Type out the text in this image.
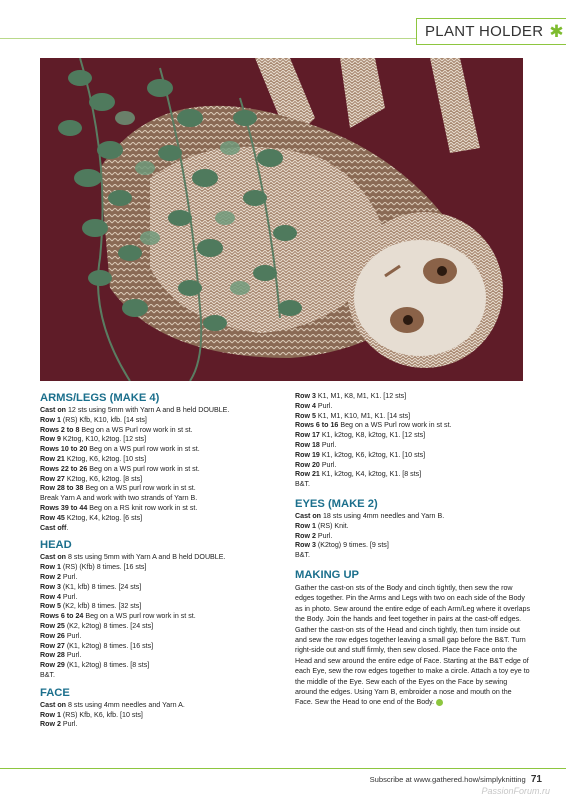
PLANT HOLDER ✱
ARMS/LEGS (MAKE 4)
Cast on 12 sts using 5mm with Yarn A and B held DOUBLE.
Row 1 (RS) Kfb, K10, kfb. [14 sts]
Rows 2 to 8 Beg on a WS Purl row work in st st.
Row 9 K2tog, K10, k2tog. [12 sts]
Rows 10 to 20 Beg on a WS purl row work in st st.
Row 21 K2tog, K6, k2tog. [10 sts]
Rows 22 to 26 Beg on a WS purl row work in st st.
Row 27 K2tog, K6, k2tog. [8 sts]
Row 28 to 38 Beg on a WS purl row work in st st.
Break Yarn A and work with two strands of Yarn B.
Rows 39 to 44 Beg on a RS knit row work in st st.
Row 45 K2tog, K4, k2tog. [6 sts]
Cast off.
HEAD
Cast on 8 sts using 5mm with Yarn A and B held DOUBLE.
Row 1 (RS) (Kfb) 8 times. [16 sts]
Row 2 Purl.
Row 3 (K1, kfb) 8 times. [24 sts]
Row 4 Purl.
Row 5 (K2, kfb) 8 times. [32 sts]
Rows 6 to 24 Beg on a WS purl row work in st st.
Row 25 (K2, k2tog) 8 times. [24 sts]
Row 26 Purl.
Row 27 (K1, k2tog) 8 times. [16 sts]
Row 28 Purl.
Row 29 (K1, k2tog) 8 times. [8 sts]
B&T.
FACE
Cast on 8 sts using 4mm needles and Yarn A.
Row 1 (RS) Kfb, K6, kfb. [10 sts]
Row 2 Purl.
Row 3 K1, M1, K8, M1, K1. [12 sts]
Row 4 Purl.
Row 5 K1, M1, K10, M1, K1. [14 sts]
Rows 6 to 16 Beg on a WS Purl row work in st st.
Row 17 K1, k2tog, K8, k2tog, K1. [12 sts]
Row 18 Purl.
Row 19 K1, k2tog, K6, k2tog, K1. [10 sts]
Row 20 Purl.
Row 21 K1, k2tog, K4, k2tog, K1. [8 sts]
B&T.
EYES (MAKE 2)
Cast on 18 sts using 4mm needles and Yarn B.
Row 1 (RS) Knit.
Row 2 Purl.
Row 3 (K2tog) 9 times. [9 sts]
B&T.
MAKING UP

Gather the cast-on sts of the Body and cinch tightly, then sew the row edges together. Pin the Arms and Legs with two on each side of the Body as in photo. Sew around the entire edge of each Arm/Leg where it overlaps the Body. Join the hands and feet together in pairs at the cast-off edges. Gather the cast-on sts of the Head and cinch tightly, then turn inside out and sew the row edges together leaving a small gap before the B&T. Turn right-side out and stuff firmly, then sew closed. Place the Face onto the Head and sew around the entire edge of Face. Starting at the B&T edge of each Eye, sew the row edges together to make a circle. Attach a toy eye to the middle of the Eye. Sew each of the Eyes on the Face by sewing around the edges. Using Yarn B, embroider a nose and mouth on the Face. Sew the Head to one end of the Body.

Subscribe at www.gathered.how/simplyknitting 71
PassionForum.ru
